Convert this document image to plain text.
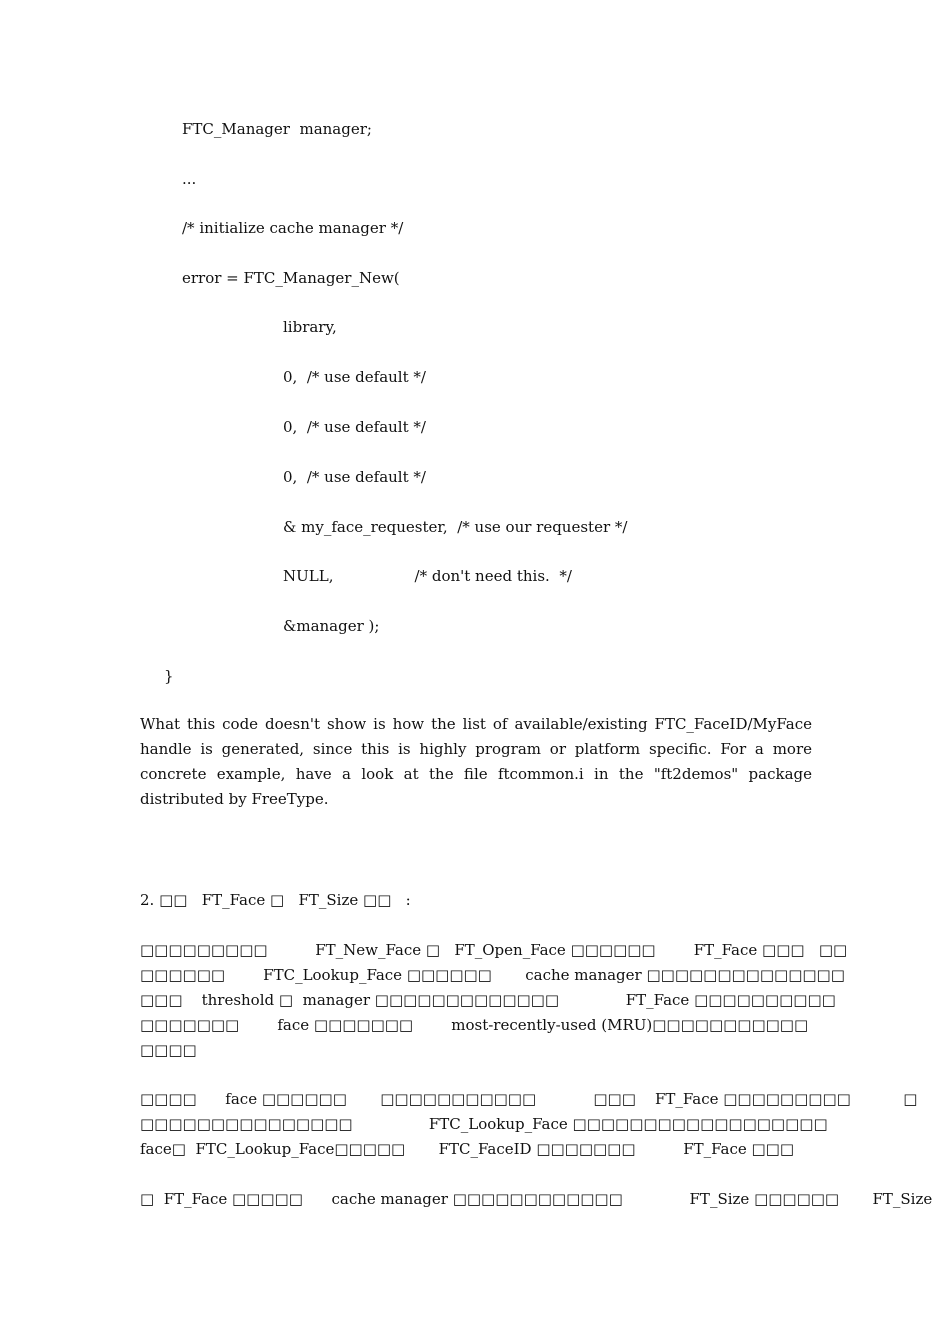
FTC_Manager  manager;
...
/* initialize cache manager */
error = FTC_Manager_New(
library,
0,  /* use default */
0,  /* use default */
0,  /* use default */
& my_face_requester,  /* use our requester */
NULL,                 /* don't need this.  */
&manager );
}
What this code doesn't show is how the list of available/existing FTC_FaceID/MyFace handle is generated, since this is highly program or platform specific. For a more concrete example, have a look at the file ftcommon.i in the "ft2demos" package distributed by FreeType.
2. □□   FT_Face □   FT_Size □□   :
□□□□□□□□□          FT_New_Face □   FT_Open_Face □□□□□□        FT_Face □□□   □□
□□□□□□        FTC_Lookup_Face □□□□□□       cache manager □□□□□□□□□□□□□□
□□□    threshold □  manager □□□□□□□□□□□□□              FT_Face □□□□□□□□□□
□□□□□□□        face □□□□□□□        most-recently-used (MRU)□□□□□□□□□□□
□□□□
□□□□      face □□□□□□       □□□□□□□□□□□            □□□    FT_Face □□□□□□□□□           □
□□□□□□□□□□□□□□□                FTC_Lookup_Face □□□□□□□□□□□□□□□□□□
face□  FTC_Lookup_Face□□□□□       FTC_FaceID □□□□□□□          FT_Face □□□
□  FT_Face □□□□□      cache manager □□□□□□□□□□□□              FT_Size □□□□□□       FT_Size
